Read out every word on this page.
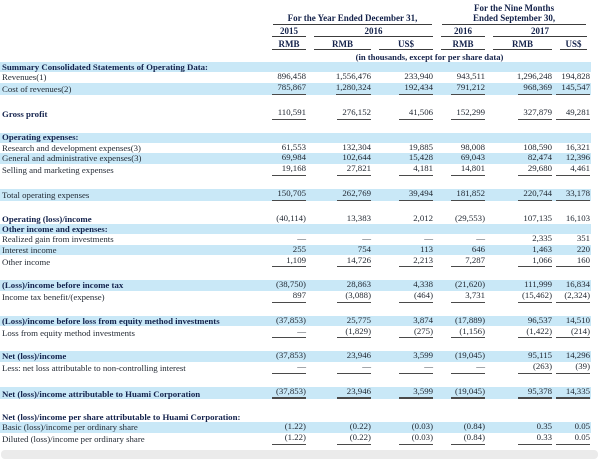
	For the Year Ended December 31,			For the Nine Months
Ended September 30,		

	2015	2016		2016	2017	

	RMB	RMB	US$	RMB	RMB	US$

	(in thousands, except for per share data)					
Summary Consolidated Statements of Operating Data:						
Revenues(1)	896,458	1,556,476	233,940	943,511	1,296,248	194,828
Cost of revenues(2)	785,867	1,280,324	192,434	791,212	968,369	145,547

Gross profit	110,591	276,152	41,506	152,299	327,879	49,281

Operating expenses:						
Research and development expenses(3)	61,553	132,304	19,885	98,008	108,590	16,321
General and administrative expenses(3)	69,984	102,644	15,428	69,043	82,474	12,396
Selling and marketing expenses	19,168	27,821	4,181	14,801	29,680	4,461

Total operating expenses	150,705	262,769	39,494	181,852	220,744	33,178

Operating (loss)/income	(40,114)	13,383	2,012	(29,553)	107,135	16,103
Other income and expenses:						
Realized gain from investments	—	—	—	—	2,335	351
Interest income	255	754	113	646	1,463	220
Other income	1,109	14,726	2,213	7,287	1,066	160

(Loss)/income before income tax	(38,750)	28,863	4,338	(21,620)	111,999	16,834
Income tax benefit/(expense)	897	(3,088)	(464)	3,731	(15,462)	(2,324)

(Loss)/income before loss from equity method investments	(37,853)	25,775	3,874	(17,889)	96,537	14,510
Loss from equity method investments	—	(1,829)	(275)	(1,156)	(1,422)	(214)

Net (loss)/income	(37,853)	23,946	3,599	(19,045)	95,115	14,296
Less: net loss attributable to non-controlling interest	—	—	—	—	(263)	(39)

Net (loss)/income attributable to Huami Corporation	(37,853)	23,946	3,599	(19,045)	95,378	14,335

Net (loss)/income per share attributable to Huami Corporation:						
Basic (loss)/income per ordinary share	(1.22)	(0.22)	(0.03)	(0.84)	0.35	0.05
Diluted (loss)/income per ordinary share	(1.22)	(0.22)	(0.03)	(0.84)	0.33	0.05
